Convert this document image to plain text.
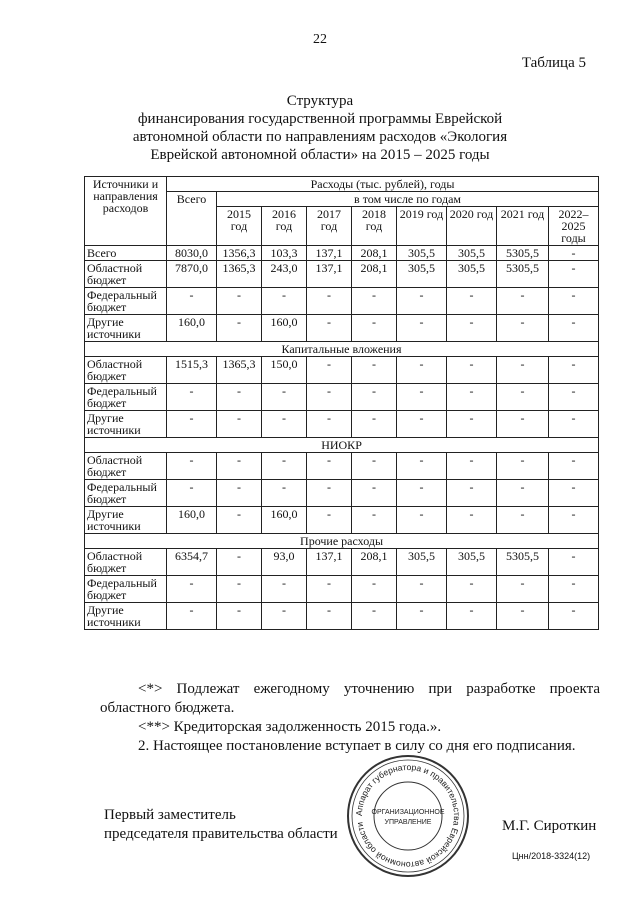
22
Таблица 5
Структура
финансирования государственной программы Еврейской
автономной области по направлениям расходов «Экология
Еврейской автономной области» на 2015 – 2025 годы
Источники и направления расходов	Расходы (тыс. рублей), годы								
	Всего	в том числе по годам							
		2015 год	2016 год	2017 год	2018 год	2019 год	2020 год	2021 год	2022– 2025 годы
Всего	8030,0	1356,3	103,3	137,1	208,1	305,5	305,5	5305,5	-
Областной бюджет	7870,0	1365,3	243,0	137,1	208,1	305,5	305,5	5305,5	-
Федеральный бюджет	-	-	-	-	-	-	-	-	-
Другие источники	160,0	-	160,0	-	-	-	-	-	-
Капитальные вложения									
Областной бюджет	1515,3	1365,3	150,0	-	-	-	-	-	-
Федеральный бюджет	-	-	-	-	-	-	-	-	-
Другие источники	-	-	-	-	-	-	-	-	-
НИОКР									
Областной бюджет	-	-	-	-	-	-	-	-	-
Федеральный бюджет	-	-	-	-	-	-	-	-	-
Другие источники	160,0	-	160,0	-	-	-	-	-	-
Прочие расходы									
Областной бюджет	6354,7	-	93,0	137,1	208,1	305,5	305,5	5305,5	-
Федеральный бюджет	-	-	-	-	-	-	-	-	-
Другие источники	-	-	-	-	-	-	-	-	-

<*> Подлежат ежегодному уточнению при разработке проекта областного бюджета.

<**> Кредиторская задолженность 2015 года.».

2. Настоящее постановление вступает в силу со дня его подписания.

Первый заместитель
председателя правительства области
Аппарат губернатора и правительства Еврейской автономной области
ОРГАНИЗАЦИОННОЕ
УПРАВЛЕНИЕ	М.Г. Сироткин
Цнн/2018-3324(12)
